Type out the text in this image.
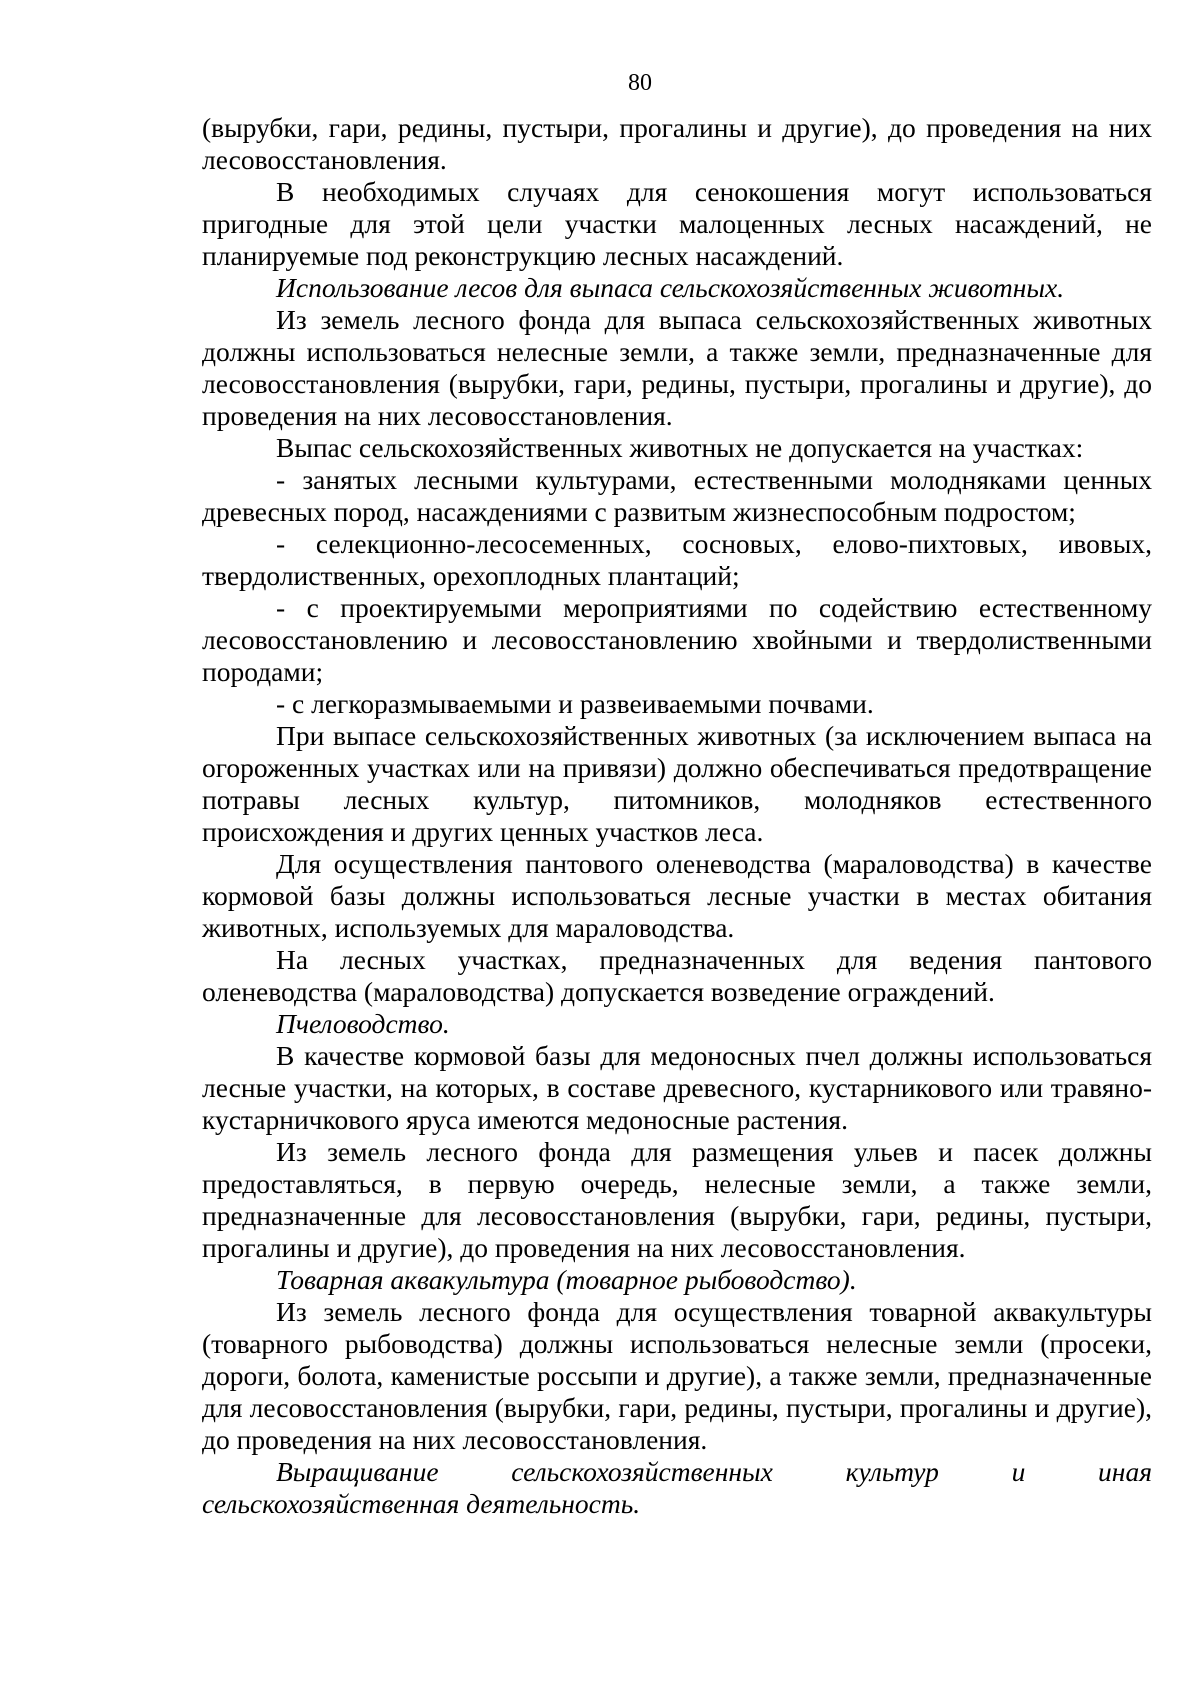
80

(вырубки, гари, редины, пустыри, прогалины и другие), до проведения на них лесовосстановления.

В необходимых случаях для сенокошения могут использоваться пригодные для этой цели участки малоценных лесных насаждений, не планируемые под реконструкцию лесных насаждений.

Использование лесов для выпаса сельскохозяйственных животных.

Из земель лесного фонда для выпаса сельскохозяйственных животных должны использоваться нелесные земли, а также земли, предназначенные для лесовосстановления (вырубки, гари, редины, пустыри, прогалины и другие), до проведения на них лесовосстановления.

Выпас сельскохозяйственных животных не допускается на участках:

- занятых лесными культурами, естественными молодняками ценных древесных пород, насаждениями с развитым жизнеспособным подростом;

- селекционно-лесосеменных, сосновых, елово-пихтовых, ивовых, твердолиственных, орехоплодных плантаций;

- с проектируемыми мероприятиями по содействию естественному лесовосстановлению и лесовосстановлению хвойными и твердолиственными породами;

- с легкоразмываемыми и развеиваемыми почвами.

При выпасе сельскохозяйственных животных (за исключением выпаса на огороженных участках или на привязи) должно обеспечиваться предотвращение потравы лесных культур, питомников, молодняков естественного происхождения и других ценных участков леса.

Для осуществления пантового оленеводства (мараловодства) в качестве кормовой базы должны использоваться лесные участки в местах обитания животных, используемых для мараловодства.

На лесных участках, предназначенных для ведения пантового оленеводства (мараловодства) допускается возведение ограждений.

Пчеловодство.

В качестве кормовой базы для медоносных пчел должны использоваться лесные участки, на которых, в составе древесного, кустарникового или травяно-кустарничкового яруса имеются медоносные растения.

Из земель лесного фонда для размещения ульев и пасек должны предоставляться, в первую очередь, нелесные земли, а также земли, предназначенные для лесовосстановления (вырубки, гари, редины, пустыри, прогалины и другие), до проведения на них лесовосстановления.

Товарная аквакультура (товарное рыбоводство).

Из земель лесного фонда для осуществления товарной аквакультуры (товарного рыбоводства) должны использоваться нелесные земли (просеки, дороги, болота, каменистые россыпи и другие), а также земли, предназначенные для лесовосстановления (вырубки, гари, редины, пустыри, прогалины и другие), до проведения на них лесовосстановления.

Выращивание сельскохозяйственных культур и иная сельскохозяйственная деятельность.
